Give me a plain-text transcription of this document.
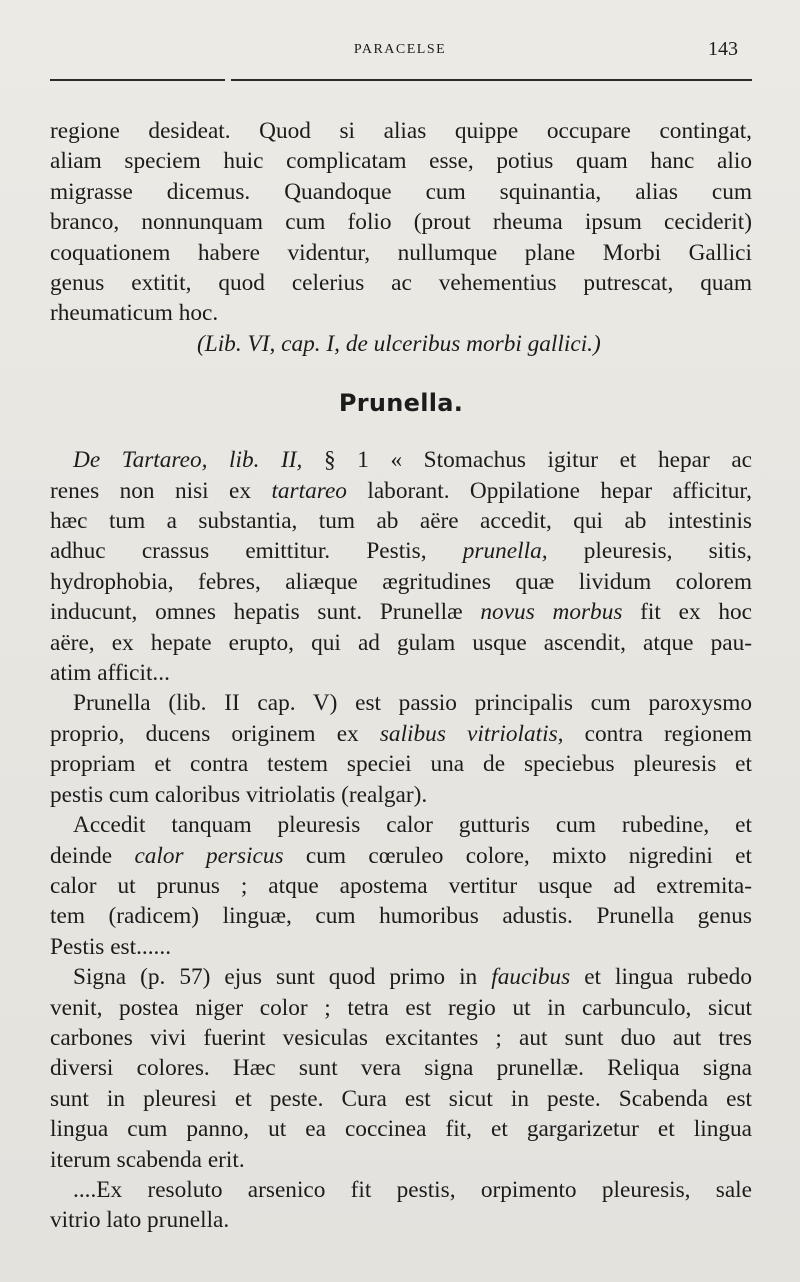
PARACELSE	143
regione desideat. Quod si alias quippe occupare contingat,
aliam speciem huic complicatam esse, potius quam hanc alio
migrasse dicemus. Quandoque cum squinantia, alias cum
branco, nonnunquam cum folio (prout rheuma ipsum ceciderit)
coquationem habere videntur, nullumque plane Morbi Gallici
genus extitit, quod celerius ac vehementius putrescat, quam
rheumaticum hoc.
(Lib. VI, cap. I, de ulceribus morbi gallici.)
Prunella.
De Tartareo, lib. II, § 1 « Stomachus igitur et hepar ac
renes non nisi ex tartareo laborant. Oppilatione hepar afficitur,
hæc tum a substantia, tum ab aëre accedit, qui ab intestinis
adhuc crassus emittitur. Pestis, prunella, pleuresis, sitis,
hydrophobia, febres, aliæque ægritudines quæ lividum colorem
inducunt, omnes hepatis sunt. Prunellæ novus morbus fit ex hoc
aëre, ex hepate erupto, qui ad gulam usque ascendit, atque pau-
atim afficit...
Prunella (lib. II cap. V) est passio principalis cum paroxysmo
proprio, ducens originem ex salibus vitriolatis, contra regionem
propriam et contra testem speciei una de speciebus pleuresis et
pestis cum caloribus vitriolatis (realgar).
Accedit tanquam pleuresis calor gutturis cum rubedine, et
deinde calor persicus cum cœruleo colore, mixto nigredini et
calor ut prunus ; atque apostema vertitur usque ad extremita-
tem (radicem) linguæ, cum humoribus adustis. Prunella genus
Pestis est......
Signa (p. 57) ejus sunt quod primo in faucibus et lingua rubedo
venit, postea niger color ; tetra est regio ut in carbunculo, sicut
carbones vivi fuerint vesiculas excitantes ; aut sunt duo aut tres
diversi colores. Hæc sunt vera signa prunellæ. Reliqua signa
sunt in pleuresi et peste. Cura est sicut in peste. Scabenda est
lingua cum panno, ut ea coccinea fit, et gargarizetur et lingua
iterum scabenda erit.
....Ex resoluto arsenico fit pestis, orpimento pleuresis, sale
vitrio lato prunella.
